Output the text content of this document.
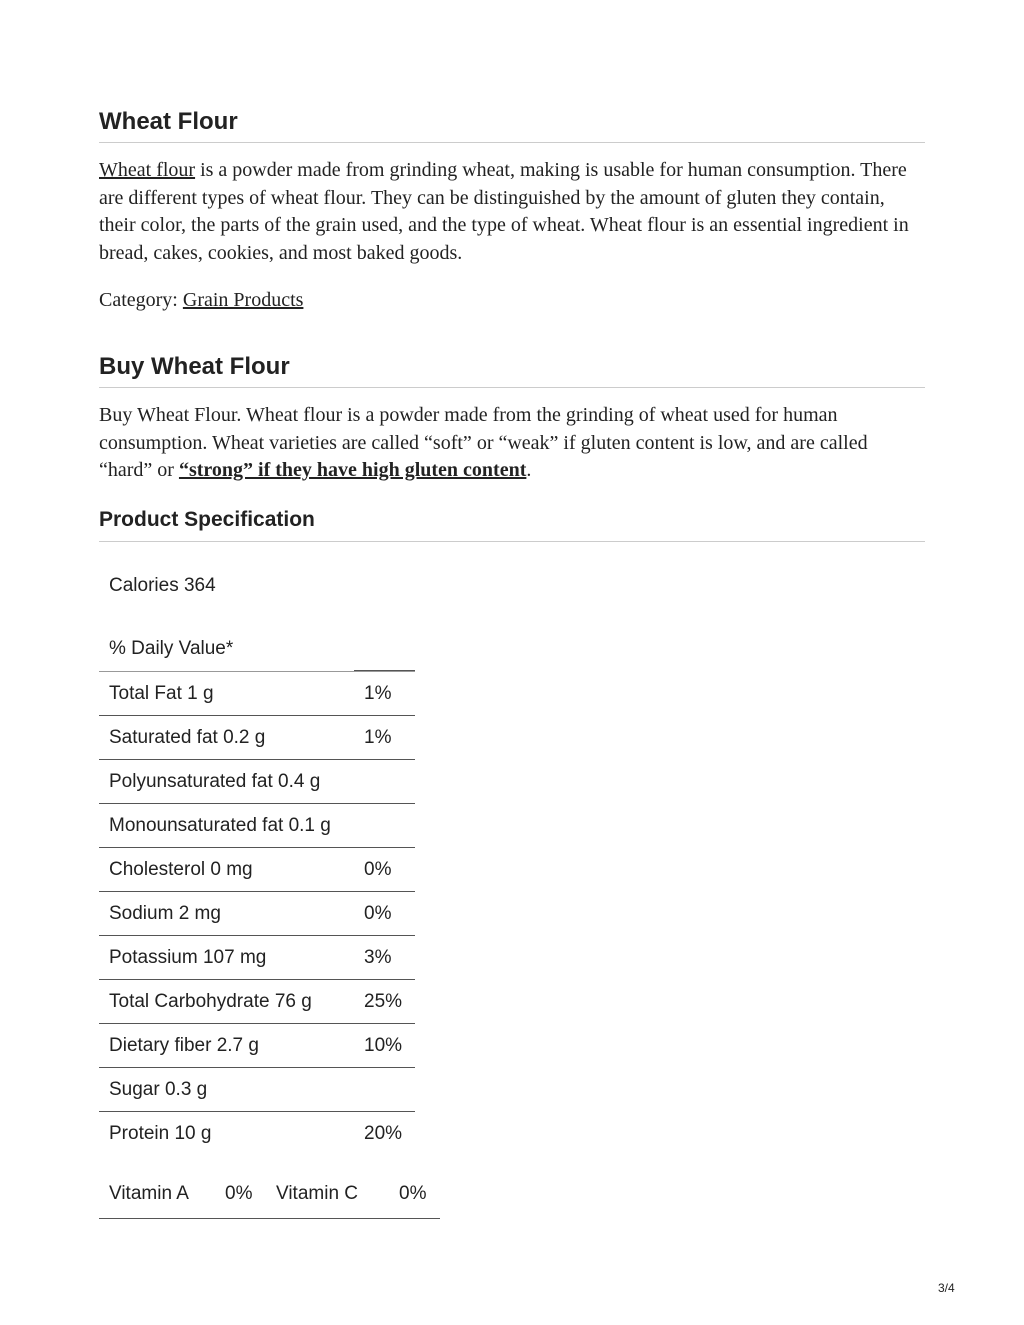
Wheat Flour

Wheat flour is a powder made from grinding wheat, making is usable for human consumption. There are different types of wheat flour. They can be distinguished by the amount of gluten they contain, their color, the parts of the grain used, and the type of wheat. Wheat flour is an essential ingredient in bread, cakes, cookies, and most baked goods.

Category: Grain Products

Buy Wheat Flour

Buy Wheat Flour. Wheat flour is a powder made from the grinding of wheat used for human consumption. Wheat varieties are called “soft” or “weak” if gluten content is low, and are called “hard” or “strong” if they have high gluten content.

Product Specification
Calories 364
% Daily Value*
Total Fat 1 g	1%
Saturated fat 0.2 g	1%
Polyunsaturated fat 0.4 g	
Monounsaturated fat 0.1 g	
Cholesterol 0 mg	0%
Sodium 2 mg	0%
Potassium 107 mg	3%
Total Carbohydrate 76 g	25%
Dietary fiber 2.7 g	10%
Sugar 0.3 g	
Protein 10 g	20%
Vitamin A 0% Vitamin C 0%
3/4
